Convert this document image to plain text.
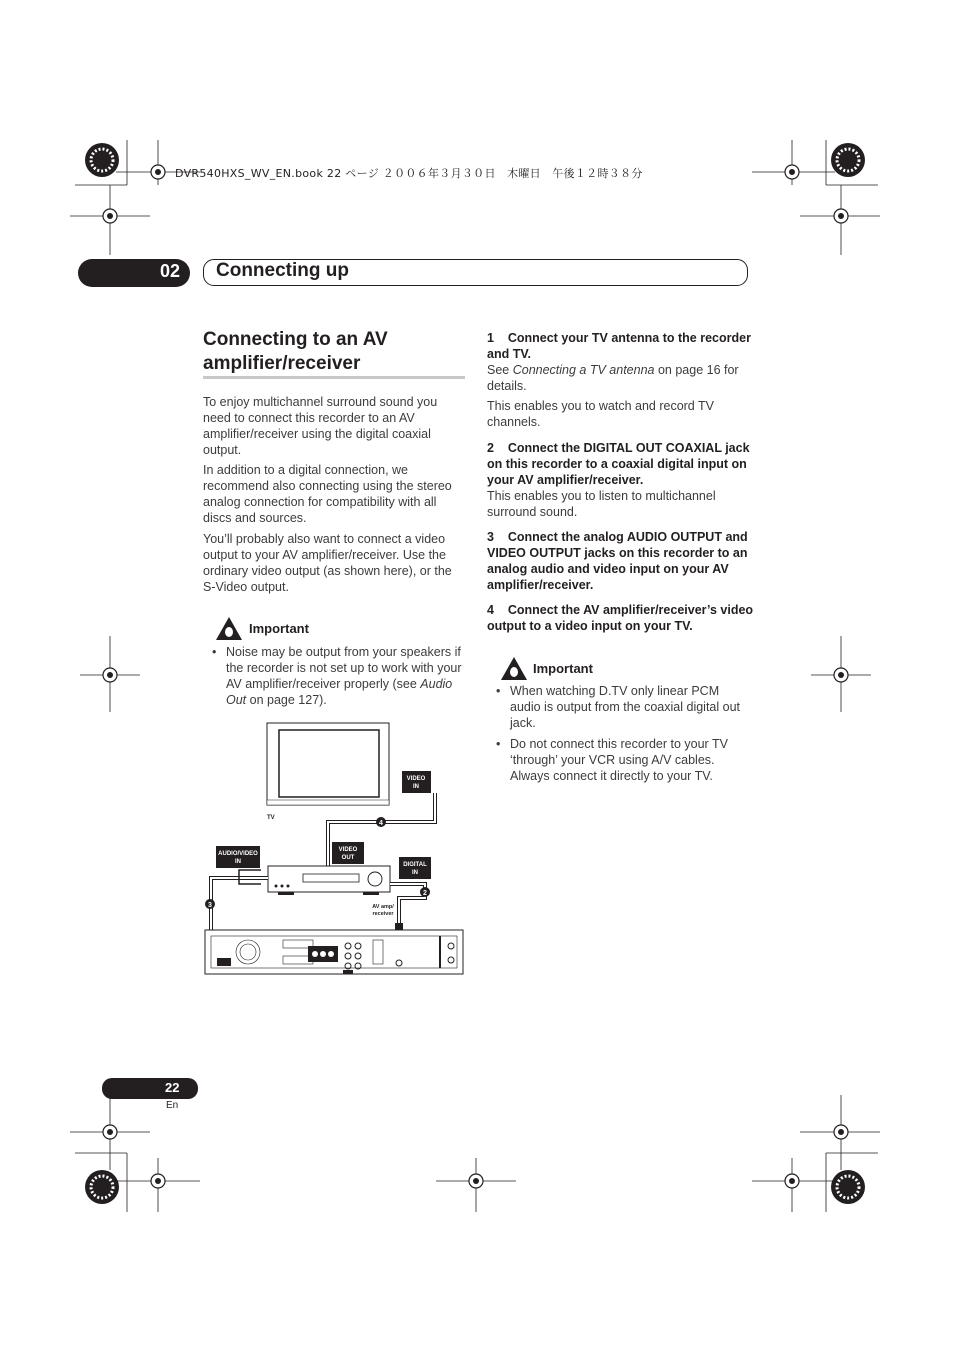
DVR540HXS_WV_EN.book 22 ページ ２００６年３月３０日　木曜日　午後１２時３８分
02 Connecting up
Connecting to an AV amplifier/receiver
To enjoy multichannel surround sound you need to connect this recorder to an AV amplifier/receiver using the digital coaxial output.
In addition to a digital connection, we recommend also connecting using the stereo analog connection for compatibility with all discs and sources.
You’ll probably also want to connect a video output to your AV amplifier/receiver. Use the ordinary video output (as shown here), or the S-Video output.
Important
• Noise may be output from your speakers if the recorder is not set up to work with your AV amplifier/receiver properly (see Audio Out on page 127).
TV
VIDEO
IN
4
VIDEO
OUT
AUDIO/VIDEO
IN	DIGITAL
IN
AV amp/
receiver
3
2
1    Connect your TV antenna to the recorder and TV.
See Connecting a TV antenna on page 16 for details.
This enables you to watch and record TV channels.
2    Connect the DIGITAL OUT COAXIAL jack on this recorder to a coaxial digital input on your AV amplifier/receiver.
This enables you to listen to multichannel surround sound.
3    Connect the analog AUDIO OUTPUT and VIDEO OUTPUT jacks on this recorder to an analog audio and video input on your AV amplifier/receiver.
4    Connect the AV amplifier/receiver’s video output to a video input on your TV.
Important
• When watching D.TV only linear PCM audio is output from the coaxial digital out jack.
• Do not connect this recorder to your TV ‘through’ your VCR using A/V cables. Always connect it directly to your TV.
22
En
